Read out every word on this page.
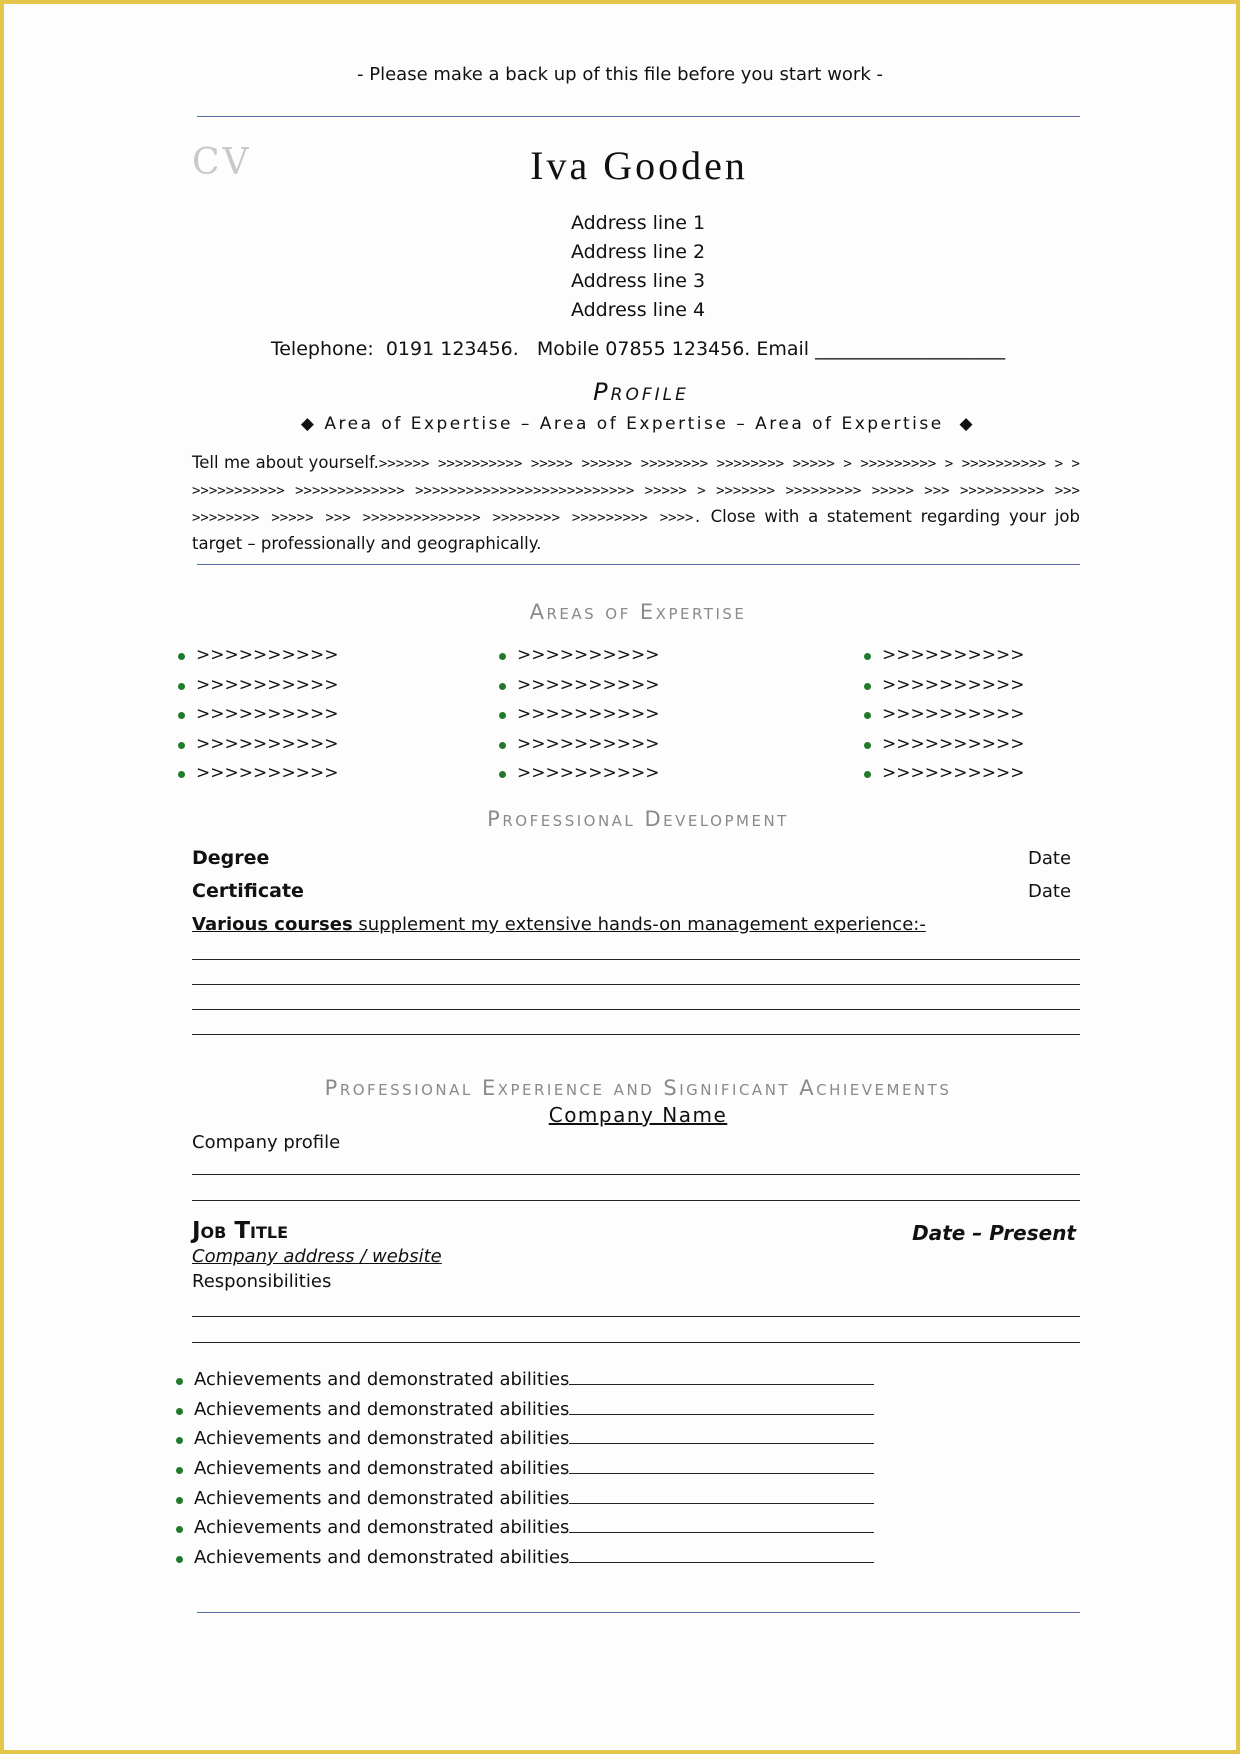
- Please make a back up of this file before you start work -
CV	Iva Gooden
Address line 1
Address line 2
Address line 3
Address line 4
Telephone:  0191 123456.   Mobile 07855 123456. Email ____________________
Profile
◆ Area of Expertise – Area of Expertise – Area of Expertise  ◆
Tell me about yourself.>>>>>> >>>>>>>>>> >>>>> >>>>>> >>>>>>>> >>>>>>>> >>>>> > >>>>>>>>> > >>>>>>>>>> > > >>>>>>>>>>> >>>>>>>>>>>>> >>>>>>>>>>>>>>>>>>>>>>>>>> >>>>> > >>>>>>> >>>>>>>>> >>>>> >>> >>>>>>>>>> >>> >>>>>>>> >>>>> >>> >>>>>>>>>>>>>> >>>>>>>> >>>>>>>>> >>>>. Close with a statement regarding your job target – professionally and geographically.
Areas of Expertise
>>>>>>>>>>
>>>>>>>>>>
>>>>>>>>>>
>>>>>>>>>>
>>>>>>>>>>
>>>>>>>>>>
>>>>>>>>>>
>>>>>>>>>>
>>>>>>>>>>
>>>>>>>>>>
>>>>>>>>>>
>>>>>>>>>>
>>>>>>>>>>
>>>>>>>>>>
>>>>>>>>>>
Professional Development
Degree	Date
Certificate	Date
Various courses supplement my extensive hands-on management experience:-
Professional Experience and Significant Achievements
Company Name
Company profile
Job Title	Date – Present
Company address / website
Responsibilities
Achievements and demonstrated abilities
Achievements and demonstrated abilities
Achievements and demonstrated abilities
Achievements and demonstrated abilities
Achievements and demonstrated abilities
Achievements and demonstrated abilities
Achievements and demonstrated abilities
